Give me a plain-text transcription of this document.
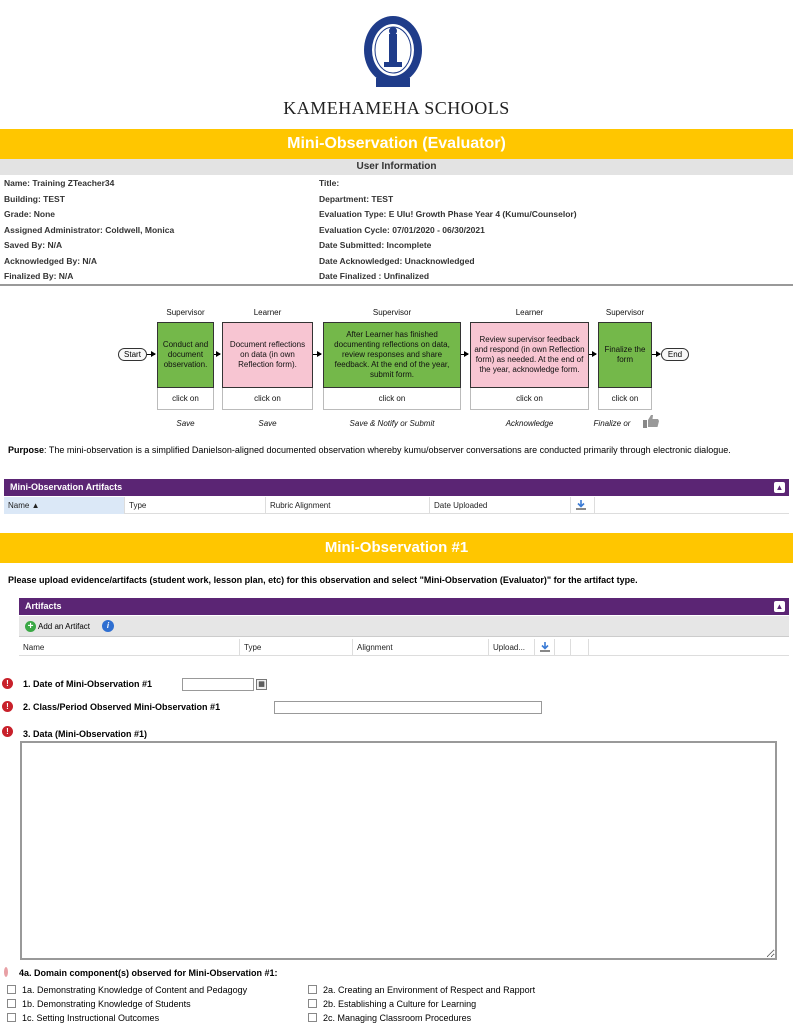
KAMEHAMEHA SCHOOLS
Mini-Observation (Evaluator)
User Information
Name: Training ZTeacher34	Title:
Building: TEST	Department: TEST
Grade: None	Evaluation Type: E Ulu! Growth Phase Year 4 (Kumu/Counselor)
Assigned Administrator: Coldwell, Monica	Evaluation Cycle: 07/01/2020 - 06/30/2021
Saved By: N/A	Date Submitted: Incomplete
Acknowledged By: N/A	Date Acknowledged: Unacknowledged
Finalized By: N/A	Date Finalized : Unfinalized
Start
Supervisor
Conduct and document observation.
click on
Save
Learner
Document reflections on data (in own Reflection form).
click on
Save
Supervisor
After Learner has finished documenting reflections on data, review responses and share feedback. At the end of the year, submit form.
click on
Save & Notify or Submit
Learner
Review supervisor feedback and respond (in own Reflection form) as needed. At the end of the year, acknowledge form.
click on
Acknowledge
Supervisor
Finalize the form
click on
Finalize or
End
Purpose: The mini-observation is a simplified Danielson-aligned documented observation whereby kumu/observer conversations are conducted primarily through electronic dialogue.
Mini-Observation Artifacts	▲
Name ▲	Type	Rubric Alignment	Date Uploaded
Mini-Observation #1
Please upload evidence/artifacts (student work, lesson plan, etc) for this observation and select "Mini-Observation (Evaluator)" for the artifact type.
Artifacts	▲
+ Add an Artifact	i
Name	Type	Alignment	Upload...
!	1. Date of Mini-Observation #1	▦
!	2. Class/Period Observed Mini-Observation #1
!	3. Data (Mini-Observation #1)
4a. Domain component(s) observed for Mini-Observation #1:
1a. Demonstrating Knowledge of Content and Pedagogy
1b. Demonstrating Knowledge of Students
1c. Setting Instructional Outcomes
2a. Creating an Environment of Respect and Rapport
2b. Establishing a Culture for Learning
2c. Managing Classroom Procedures
